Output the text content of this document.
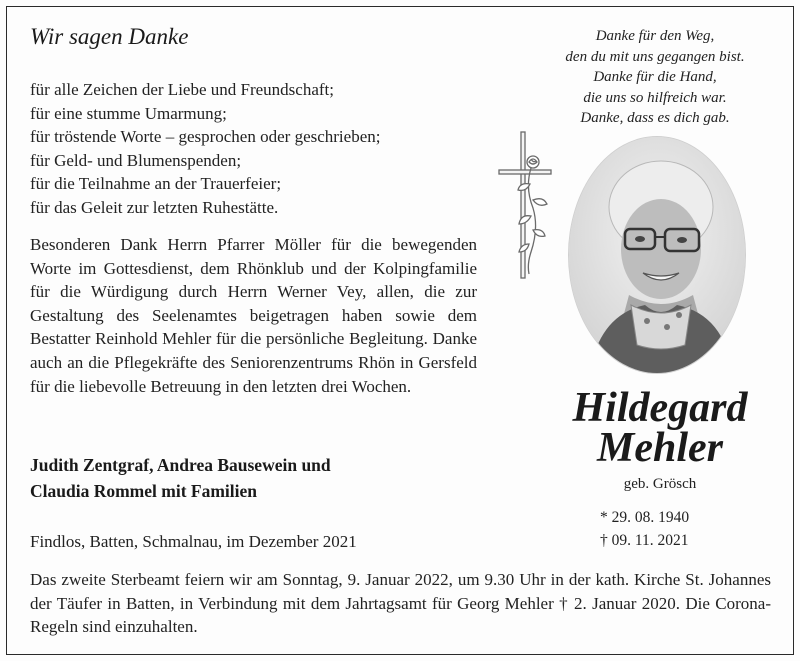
Wir sagen Danke
für alle Zeichen der Liebe und Freundschaft;
für eine stumme Umarmung;
für tröstende Worte – gesprochen oder geschrieben;
für Geld- und Blumenspenden;
für die Teilnahme an der Trauerfeier;
für das Geleit zur letzten Ruhestätte.
Besonderen Dank Herrn Pfarrer Möller für die bewegenden Worte im Gottesdienst, dem Rhönklub und der Kolpingfamilie für die Würdigung durch Herrn Werner Vey, allen, die zur Gestaltung des Seelenamtes beigetragen haben sowie dem Bestatter Reinhold Mehler für die persönliche Begleitung. Danke auch an die Pflegekräfte des Seniorenzentrums Rhön in Gersfeld für die liebevolle Betreuung in den letzten drei Wochen.
Judith Zentgraf, Andrea Bausewein und
Claudia Rommel mit Familien
Findlos, Batten, Schmalnau, im Dezember 2021
Das zweite Sterbeamt feiern wir am Sonntag, 9. Januar 2022, um 9.30 Uhr in der kath. Kirche St. Johannes der Täufer in Batten, in Verbindung mit dem Jahrtagsamt für Georg Mehler † 2. Januar 2020. Die Corona-Regeln sind einzuhalten.
Danke für den Weg,
den du mit uns gegangen bist.
Danke für die Hand,
die uns so hilfreich war.
Danke, dass es dich gab.
Hildegard
Mehler
geb. Grösch
* 29. 08. 1940
† 09. 11. 2021
